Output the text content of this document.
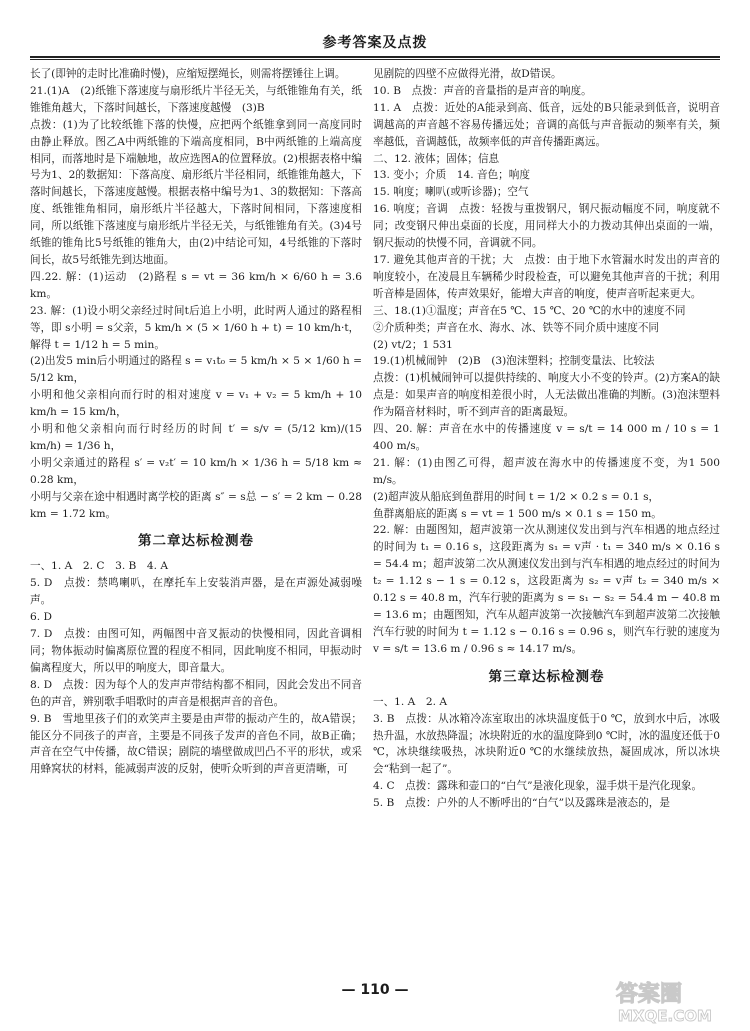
参考答案及点拨
长了(即钟的走时比准确时慢)，应缩短摆绳长，则需将摆锤往上调。
21.(1)A　(2)纸锥下落速度与扇形纸片半径无关，与纸锥锥角有关，纸锥锥角越大，下落时间越长，下落速度越慢　(3)B
点拨：(1)为了比较纸锥下落的快慢，应把两个纸锥拿到同一高度同时由静止释放。图乙A中两纸锥的下端高度相同，B中两纸锥的上端高度相同，而落地时是下端触地，故应选图A的位置释放。(2)根据表格中编号为1、2的数据知：下落高度、扇形纸片半径相同，纸锥锥角越大，下落时间越长，下落速度越慢。根据表格中编号为1、3的数据知：下落高度、纸锥锥角相同，扇形纸片半径越大，下落时间相同，下落速度相同，所以纸锥下落速度与扇形纸片半径无关，与纸锥锥角有关。(3)4号纸锥的锥角比5号纸锥的锥角大，由(2)中结论可知，4号纸锥的下落时间长，故5号纸锥先到达地面。
四.22. 解：(1)运动　(2)路程 s = vt = 36 km/h × 6/60 h = 3.6 km。
23. 解：(1)设小明父亲经过时间t后追上小明，此时两人通过的路程相等，即 s小明 = s父亲，5 km/h × (5 × 1/60 h + t) = 10 km/h·t，
解得 t = 1/12 h = 5 min。
(2)出发5 min后小明通过的路程 s = v₁t₀ = 5 km/h × 5 × 1/60 h = 5/12 km，
小明和他父亲相向而行时的相对速度 v = v₁ + v₂ = 5 km/h + 10 km/h = 15 km/h，
小明和他父亲相向而行时经历的时间 t′ = s/v = (5/12 km)/(15 km/h) = 1/36 h，
小明父亲通过的路程 s′ = v₂t′ = 10 km/h × 1/36 h = 5/18 km ≈ 0.28 km，
小明与父亲在途中相遇时离学校的距离 s″ = s总 − s′ = 2 km − 0.28 km = 1.72 km。
第二章达标检测卷
一、1. A　2. C　3. B　4. A
5. D　点拨：禁鸣喇叭，在摩托车上安装消声器，是在声源处减弱噪声。
6. D
7. D　点拨：由图可知，两幅图中音叉振动的快慢相同，因此音调相同；物体振动时偏离原位置的程度不相同，因此响度不相同，甲振动时偏离程度大，所以甲的响度大，即音量大。
8. D　点拨：因为每个人的发声声带结构都不相同，因此会发出不同音色的声音，辨别歌手唱歌时的声音是根据声音的音色。
9. B　雪地里孩子们的欢笑声主要是由声带的振动产生的，故A错误；能区分不同孩子的声音，主要是不同孩子发声的音色不同，故B正确；声音在空气中传播，故C错误；剧院的墙壁做成凹凸不平的形状，或采用蜂窝状的材料，能减弱声波的反射，使听众听到的声音更清晰，可
见剧院的四壁不应做得光滑，故D错误。
10. B　点拨：声音的音量指的是声音的响度。
11. A　点拨：近处的A能录到高、低音，远处的B只能录到低音，说明音调越高的声音越不容易传播远处；音调的高低与声音振动的频率有关，频率越低，音调越低，故频率低的声音传播距离远。
二、12. 液体；固体；信息
13. 变小；介质　14. 音色；响度
15. 响度；喇叭(或听诊器)；空气
16. 响度；音调　点拨：轻拨与重拨钢尺，钢尺振动幅度不同，响度就不同；改变钢尺伸出桌面的长度，用同样大小的力拨动其伸出桌面的一端，钢尺振动的快慢不同，音调就不同。
17. 避免其他声音的干扰；大　点拨：由于地下水管漏水时发出的声音的响度较小，在凌晨且车辆稀少时段检查，可以避免其他声音的干扰；利用听音棒是固体，传声效果好，能增大声音的响度，使声音听起来更大。
三、18.(1)①温度；声音在5 ℃、15 ℃、20 ℃的水中的速度不同
②介质种类；声音在水、海水、冰、铁等不同介质中速度不同
(2) vt/2；1 531
19.(1)机械闹钟　(2)B　(3)泡沫塑料；控制变量法、比较法
点拨：(1)机械闹钟可以提供持续的、响度大小不变的铃声。(2)方案A的缺点是：如果声音的响度相差很小时，人无法做出准确的判断。(3)泡沫塑料作为隔音材料时，听不到声音的距离最短。
四、20. 解：声音在水中的传播速度 v = s/t = 14 000 m / 10 s = 1 400 m/s。
21. 解：(1)由图乙可得，超声波在海水中的传播速度不变，为1 500 m/s。
(2)超声波从船底到鱼群用的时间 t = 1/2 × 0.2 s = 0.1 s，
鱼群离船底的距离 s = vt = 1 500 m/s × 0.1 s = 150 m。
22. 解：由题图知，超声波第一次从测速仪发出到与汽车相遇的地点经过的时间为 t₁ = 0.16 s，这段距离为 s₁ = v声 · t₁ = 340 m/s × 0.16 s = 54.4 m；超声波第二次从测速仪发出到与汽车相遇的地点经过的时间为 t₂ = 1.12 s − 1 s = 0.12 s，这段距离为 s₂ = v声 t₂ = 340 m/s × 0.12 s = 40.8 m，汽车行驶的距离为 s = s₁ − s₂ = 54.4 m − 40.8 m = 13.6 m；由题图知，汽车从超声波第一次接触汽车到超声波第二次接触汽车行驶的时间为 t = 1.12 s − 0.16 s = 0.96 s，则汽车行驶的速度为 v = s/t = 13.6 m / 0.96 s ≈ 14.17 m/s。
第三章达标检测卷
一、1. A　2. A
3. B　点拨：从冰箱冷冻室取出的冰块温度低于0 ℃，放到水中后，冰吸热升温，水放热降温；冰块附近的水的温度降到0 ℃时，冰的温度还低于0 ℃，冰块继续吸热，冰块附近0 ℃的水继续放热，凝固成冰，所以冰块会“粘到一起了”。
4. C　点拨：露珠和壶口的“白气”是液化现象，湿手烘干是汽化现象。
5. B　点拨：户外的人不断呼出的“白气”以及露珠是液态的，是
— 110 —	答案圈
MXQE.COM
